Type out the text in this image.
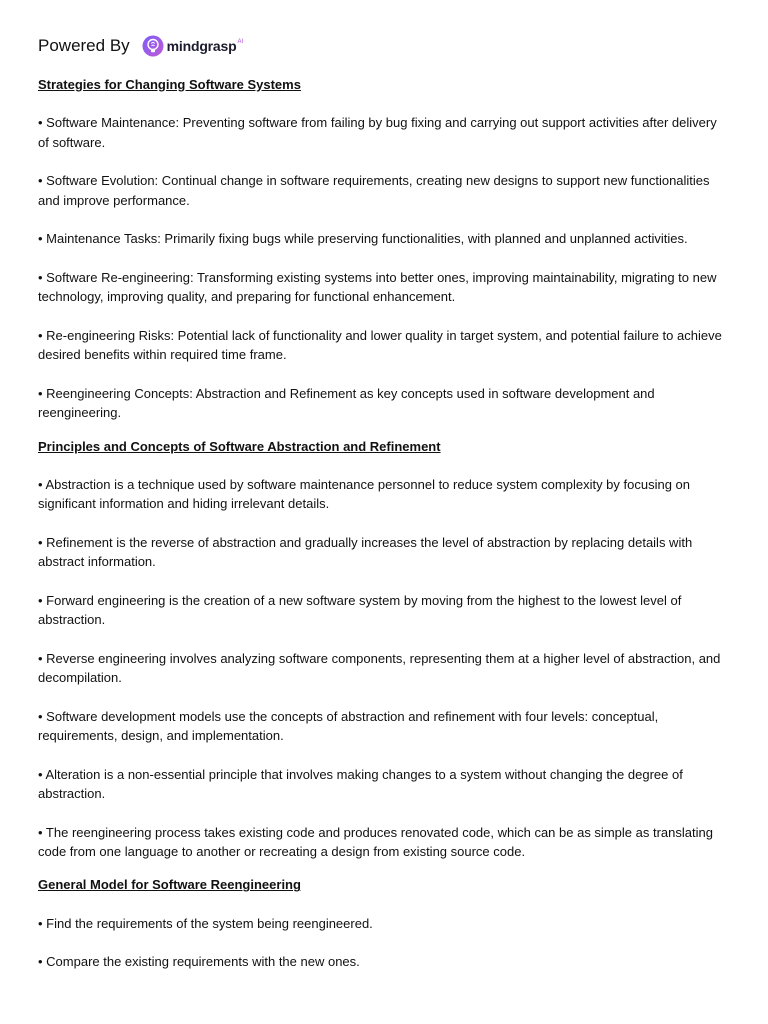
Powered By	mindgrasp AI
Strategies for Changing Software Systems

• Software Maintenance: Preventing software from failing by bug fixing and carrying out support activities after delivery of software.

• Software Evolution: Continual change in software requirements, creating new designs to support new functionalities and improve performance.

• Maintenance Tasks: Primarily fixing bugs while preserving functionalities, with planned and unplanned activities.

• Software Re-engineering: Transforming existing systems into better ones, improving maintainability, migrating to new technology, improving quality, and preparing for functional enhancement.

• Re-engineering Risks: Potential lack of functionality and lower quality in target system, and potential failure to achieve desired benefits within required time frame.

• Reengineering Concepts: Abstraction and Refinement as key concepts used in software development and reengineering.

Principles and Concepts of Software Abstraction and Refinement

• Abstraction is a technique used by software maintenance personnel to reduce system complexity by focusing on significant information and hiding irrelevant details.

• Refinement is the reverse of abstraction and gradually increases the level of abstraction by replacing details with abstract information.

• Forward engineering is the creation of a new software system by moving from the highest to the lowest level of abstraction.

• Reverse engineering involves analyzing software components, representing them at a higher level of abstraction, and decompilation.

• Software development models use the concepts of abstraction and refinement with four levels: conceptual, requirements, design, and implementation.

• Alteration is a non-essential principle that involves making changes to a system without changing the degree of abstraction.

• The reengineering process takes existing code and produces renovated code, which can be as simple as translating code from one language to another or recreating a design from existing source code.

General Model for Software Reengineering

• Find the requirements of the system being reengineered.

• Compare the existing requirements with the new ones.
